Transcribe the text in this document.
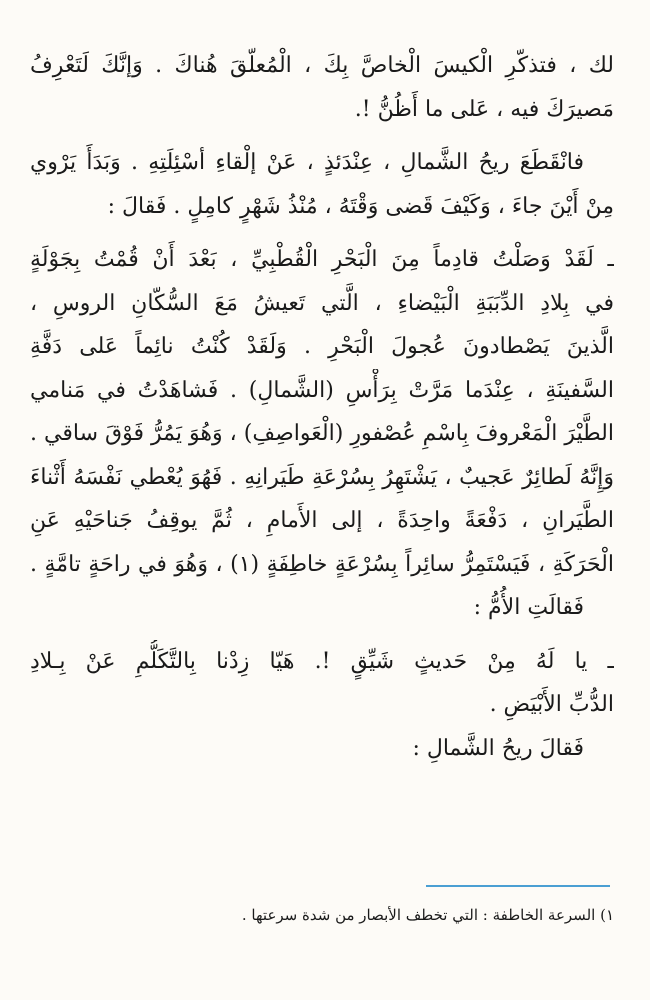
لك ، فتذكّرِ الْكيسَ الْخاصَّ بِكَ ، الْمُعلّقَ هُناكَ . وَإنَّكَ لَتَعْرِفُ
مَصيرَكَ فيه ، عَلى ما أَظُنُّ !.
فانْقَطَعَ ريحُ الشَّمالِ ، عِنْدَئذٍ ، عَنْ إلْقاءِ أسْئِلَتِهِ . وَبَدَأَ يَرْوي
مِنْ أَيْنَ جاءَ ، وَكَيْفَ قَضى وَقْتَهُ ، مُنْذُ شَهْرٍ كامِلٍ . فَقالَ :
ـ لَقَدْ وَصَلْتُ قادِماً مِنَ الْبَحْرِ الْقُطْبِيِّ ، بَعْدَ أَنْ قُمْتُ بِجَوْلَةٍ
في بِلادِ الدِّبَبَةِ الْبَيْضاءِ ، الَّتي تَعيشُ مَعَ السُّكّانِ الروسِ ،
الَّذينَ يَصْطادونَ عُجولَ الْبَحْرِ . وَلَقَدْ كُنْتُ نائِماً عَلى دَفَّةِ
السَّفينَةِ ، عِنْدَما مَرَّتْ بِرَأْسِ (الشَّمالِ) . فَشاهَدْتُ في مَنامي
الطَّيْرَ الْمَعْروفَ بِاسْمِ عُصْفورِ (الْعَواصِفِ) ، وَهُوَ يَمُرُّ فَوْقَ ساقي .
وَإِنَّهُ لَطائِرٌ عَجيبٌ ، يَشْتَهِرُ بِسُرْعَةِ طَيَرانِهِ . فَهُوَ يُعْطي نَفْسَهُ أَثْناءَ
الطَّيَرانِ ، دَفْعَةً واحِدَةً ، إلى الأَمامِ ، ثُمَّ يوقِفُ جَناحَيْهِ عَنِ
الْحَرَكَةِ ، فَيَسْتَمِرُّ سائِراً بِسُرْعَةٍ خاطِفَةٍ (١) ، وَهُوَ في راحَةٍ تامَّةٍ .
فَقالَتِ الأُمُّ :
ـ يا لَهُ مِنْ حَديثٍ شَيِّقٍ !. هَيّا زِدْنا بِالتَّكَلُّمِ عَنْ بِـلادِ
الدُّبِّ الأَبْيَضِ .
فَقالَ ريحُ الشَّمالِ :
١) السرعة الخاطفة : التي تخطف الأبصار من شدة سرعتها .
